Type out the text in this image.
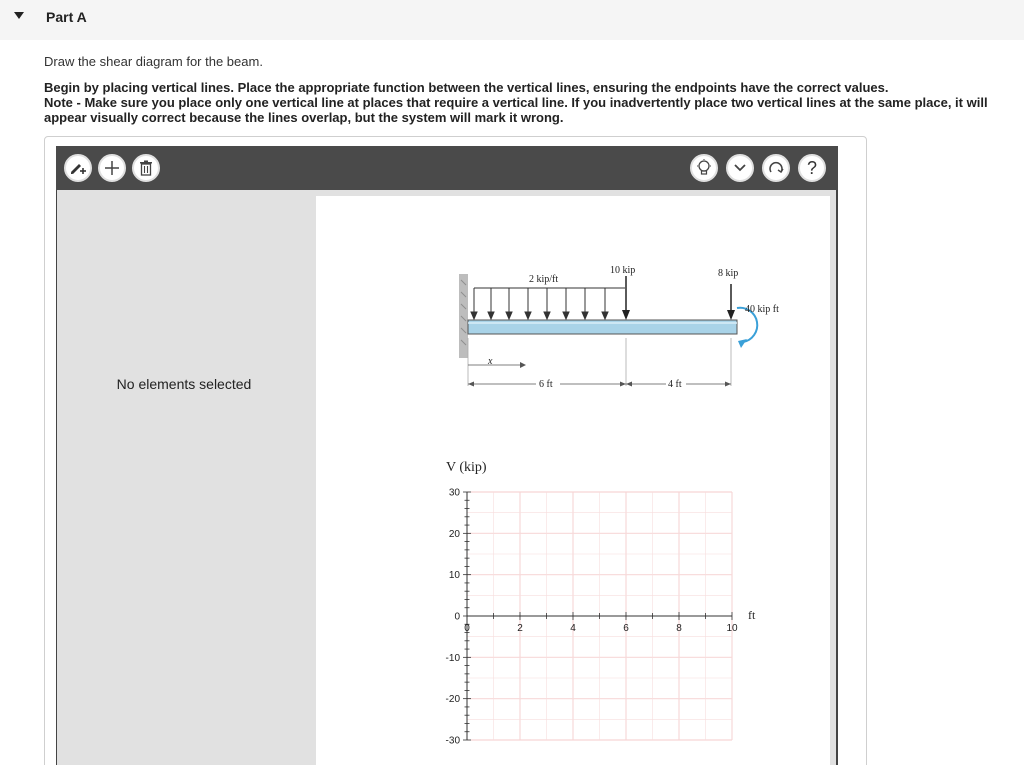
Part A
Draw the shear diagram for the beam.
Begin by placing vertical lines. Place the appropriate function between the vertical lines, ensuring the endpoints have the correct values.
Note - Make sure you place only one vertical line at places that require a vertical line. If you inadvertently place two vertical lines at the same place, it will appear visually correct because the lines overlap, but the system will mark it wrong.
?
No elements selected
2 kip/ft
10 kip	8 kip
40 kip ft
x
6 ft	4 ft
V (kip)
ft
30
20
10
0
-10
-20
-30
0	2	4	6	8	10
